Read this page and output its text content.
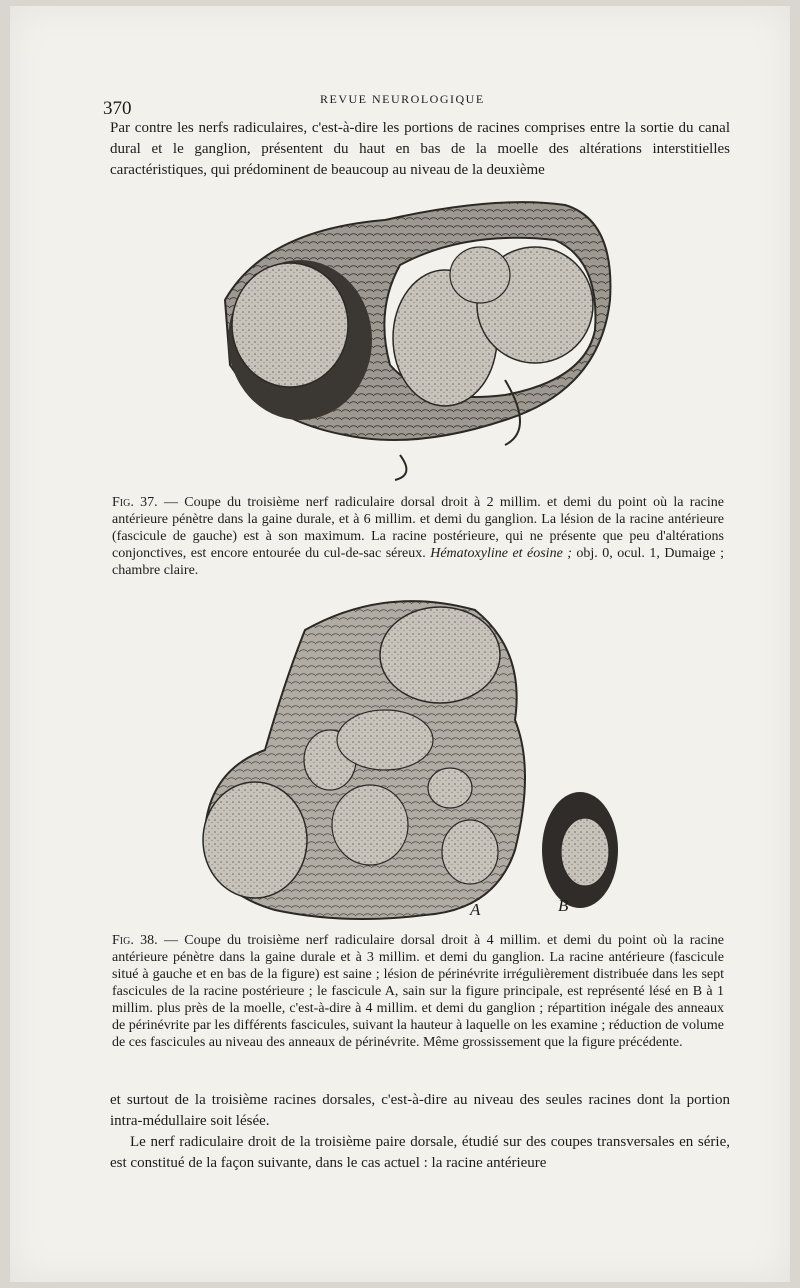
370	REVUE NEUROLOGIQUE

Par contre les nerfs radiculaires, c'est-à-dire les portions de racines comprises entre la sortie du canal dural et le ganglion, présentent du haut en bas de la moelle des altérations interstitielles caractéristiques, qui prédominent de beaucoup au niveau de la deuxième

Fig. 37. — Coupe du troisième nerf radiculaire dorsal droit à 2 millim. et demi du point où la racine antérieure pénètre dans la gaine durale, et à 6 millim. et demi du ganglion. La lésion de la racine antérieure (fascicule de gauche) est à son maximum. La racine postérieure, qui ne présente que peu d'altérations conjonctives, est encore entourée du cul-de-sac séreux. Hématoxyline et éosine ; obj. 0, ocul. 1, Dumaige ; chambre claire.

A	B

Fig. 38. — Coupe du troisième nerf radiculaire dorsal droit à 4 millim. et demi du point où la racine antérieure pénètre dans la gaine durale et à 3 millim. et demi du ganglion. La racine antérieure (fascicule situé à gauche et en bas de la figure) est saine ; lésion de périnévrite irrégulièrement distribuée dans les sept fascicules de la racine postérieure ; le fascicule A, sain sur la figure principale, est représenté lésé en B à 1 millim. plus près de la moelle, c'est-à-dire à 4 millim. et demi du ganglion ; répartition inégale des anneaux de périnévrite par les différents fascicules, suivant la hauteur à laquelle on les examine ; réduction de volume de ces fascicules au niveau des anneaux de périnévrite. Même grossissement que la figure précédente.

et surtout de la troisième racines dorsales, c'est-à-dire au niveau des seules racines dont la portion intra-médullaire soit lésée.

Le nerf radiculaire droit de la troisième paire dorsale, étudié sur des coupes transversales en série, est constitué de la façon suivante, dans le cas actuel : la racine antérieure
